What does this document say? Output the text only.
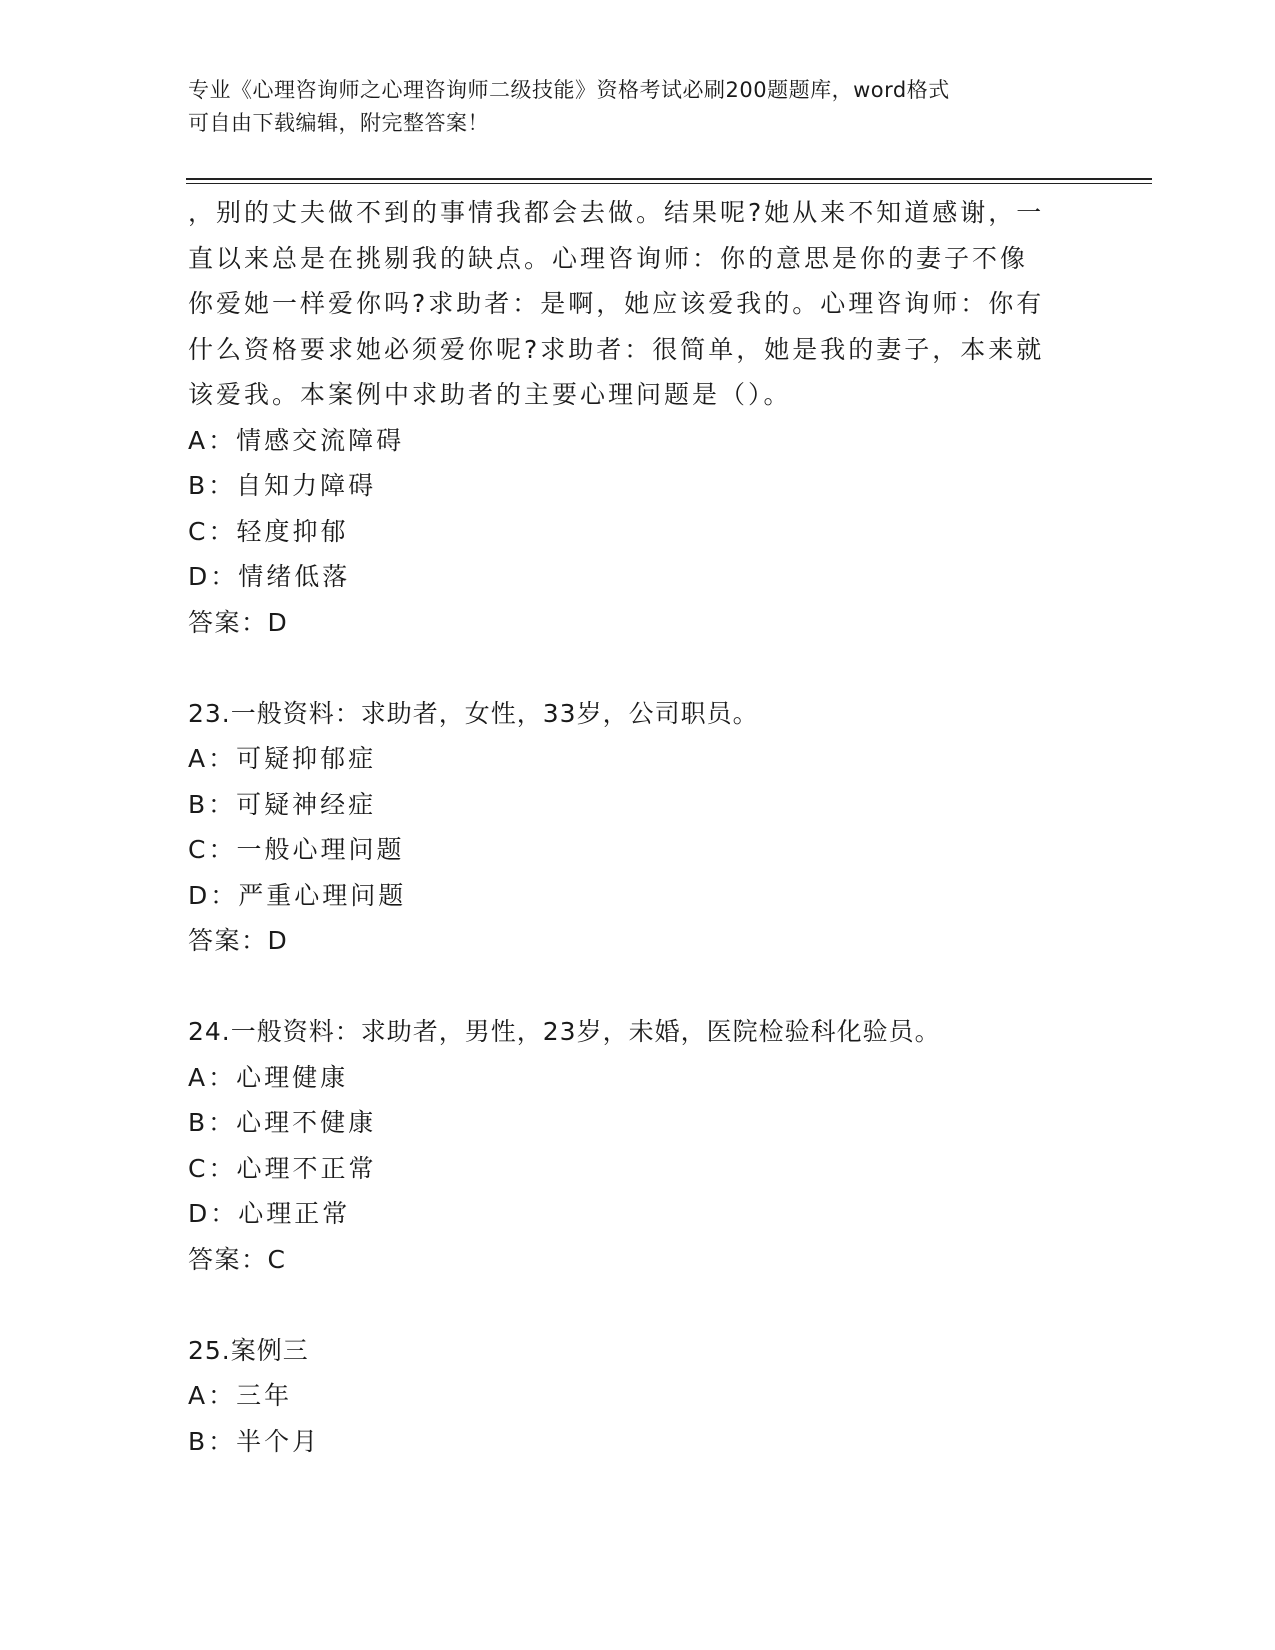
专业《心理咨询师之心理咨询师二级技能》资格考试必刷200题题库，word格式
可自由下载编辑，附完整答案！

，别的丈夫做不到的事情我都会去做。结果呢?她从来不知道感谢，一

直以来总是在挑剔我的缺点。心理咨询师：你的意思是你的妻子不像

你爱她一样爱你吗?求助者：是啊，她应该爱我的。心理咨询师：你有

什么资格要求她必须爱你呢?求助者：很简单，她是我的妻子，本来就

该爱我。本案例中求助者的主要心理问题是（）。

A：情感交流障碍

B：自知力障碍

C：轻度抑郁

D：情绪低落

答案：D

23.一般资料：求助者，女性，33岁，公司职员。

A：可疑抑郁症

B：可疑神经症

C：一般心理问题

D：严重心理问题

答案：D

24.一般资料：求助者，男性，23岁，未婚，医院检验科化验员。

A：心理健康

B：心理不健康

C：心理不正常

D：心理正常

答案：C

25.案例三

A：三年

B：半个月
